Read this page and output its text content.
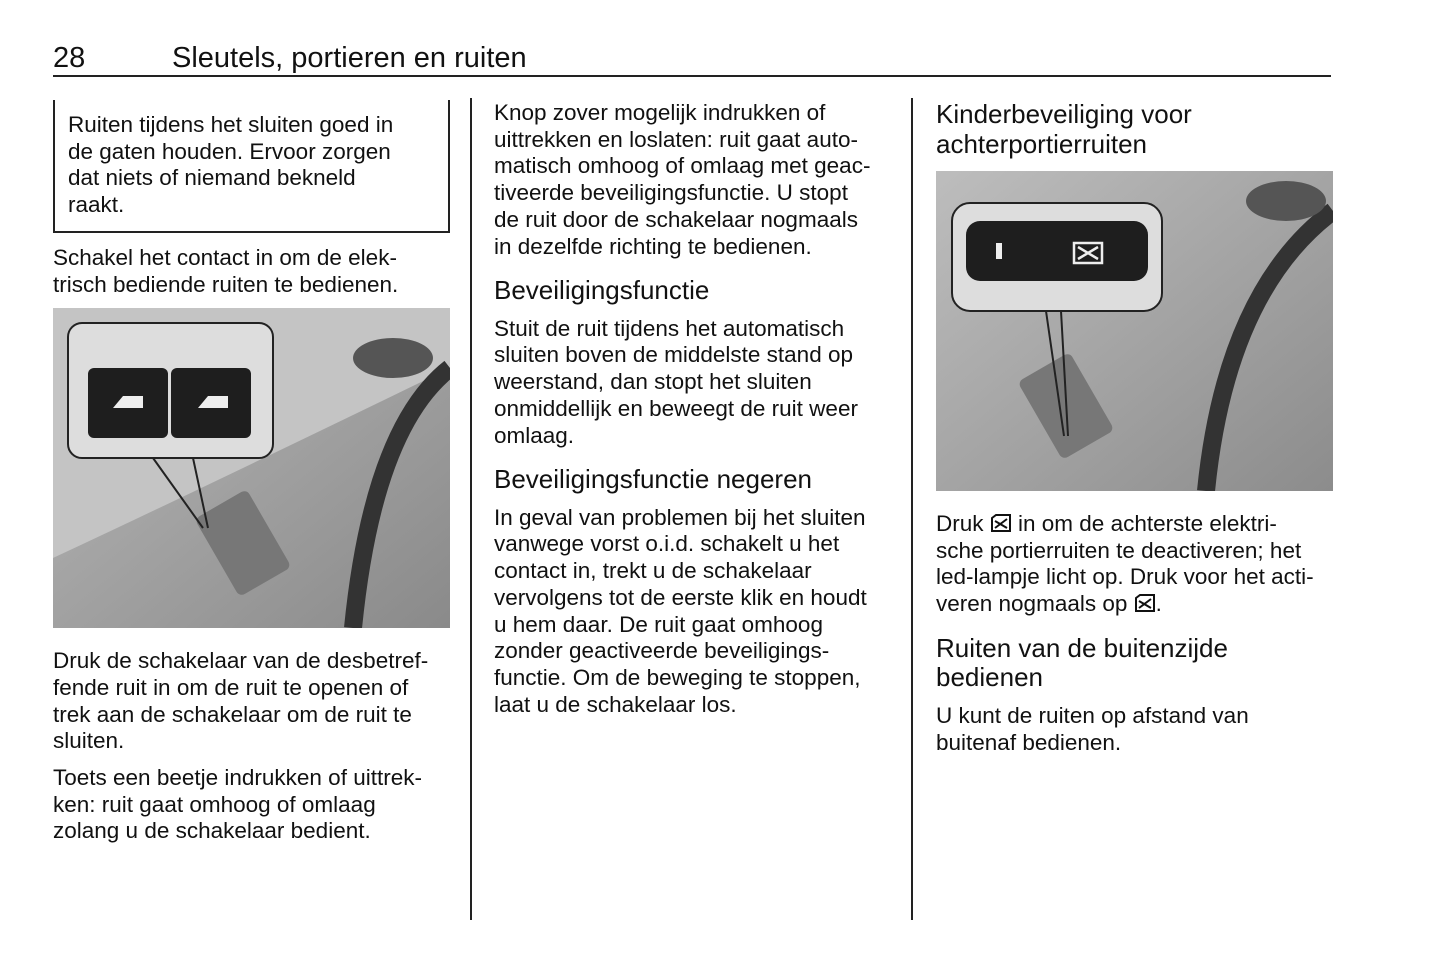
28	Sleutels, portieren en ruiten
Ruiten tijdens het sluiten goed in
de gaten houden. Ervoor zorgen
dat niets of niemand bekneld
raakt.
Schakel het contact in om de elek-
trisch bediende ruiten te bedienen.
Druk de schakelaar van de desbetref-
fende ruit in om de ruit te openen of
trek aan de schakelaar om de ruit te
sluiten.
Toets een beetje indrukken of uittrek-
ken: ruit gaat omhoog of omlaag
zolang u de schakelaar bedient.
Knop zover mogelijk indrukken of
uittrekken en loslaten: ruit gaat auto-
matisch omhoog of omlaag met geac-
tiveerde beveiligingsfunctie. U stopt
de ruit door de schakelaar nogmaals
in dezelfde richting te bedienen.
Beveiligingsfunctie
Stuit de ruit tijdens het automatisch
sluiten boven de middelste stand op
weerstand, dan stopt het sluiten
onmiddellijk en beweegt de ruit weer
omlaag.
Beveiligingsfunctie negeren
In geval van problemen bij het sluiten
vanwege vorst o.i.d. schakelt u het
contact in, trekt u de schakelaar
vervolgens tot de eerste klik en houdt
u hem daar. De ruit gaat omhoog
zonder geactiveerde beveiligings-
functie. Om de beweging te stoppen,
laat u de schakelaar los.
Kinderbeveiliging voor
achterportierruiten
Druk  in om de achterste elektri-
sche portierruiten te deactiveren; het
led-lampje licht op. Druk voor het acti-
veren nogmaals op .
Ruiten van de buitenzijde
bedienen
U kunt de ruiten op afstand van
buitenaf bedienen.
